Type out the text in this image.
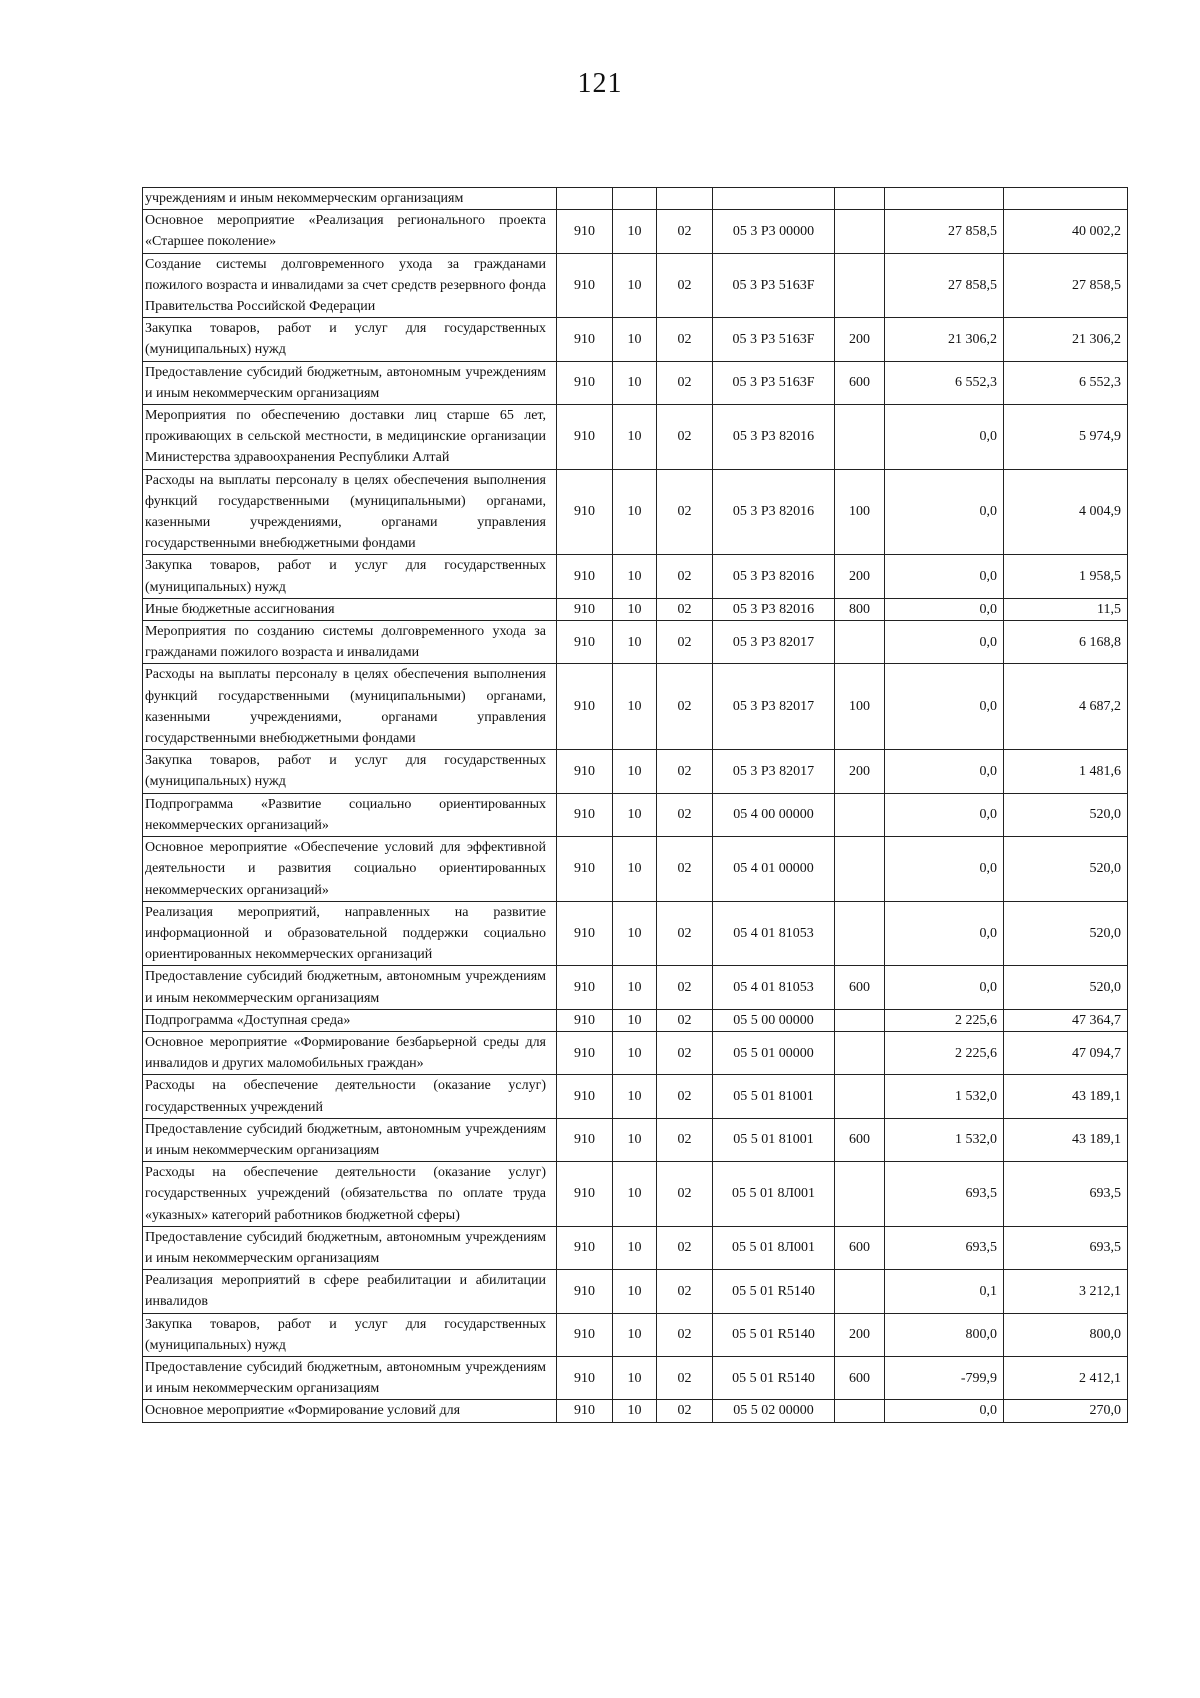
121
учреждениям и иным некоммерческим организациям							
Основное мероприятие «Реализация регионального проекта «Старшее поколение»	910	10	02	05 3 P3 00000		27 858,5	40 002,2
Создание системы долговременного ухода за гражданами пожилого возраста и инвалидами за счет средств резервного фонда Правительства Российской Федерации	910	10	02	05 3 P3 5163F		27 858,5	27 858,5
Закупка товаров, работ и услуг для государственных (муниципальных) нужд	910	10	02	05 3 P3 5163F	200	21 306,2	21 306,2
Предоставление субсидий бюджетным, автономным учреждениям и иным некоммерческим организациям	910	10	02	05 3 P3 5163F	600	6 552,3	6 552,3
Мероприятия по обеспечению доставки лиц старше 65 лет, проживающих в сельской местности, в медицинские организации Министерства здравоохранения Республики Алтай	910	10	02	05 3 P3 82016		0,0	5 974,9
Расходы на выплаты персоналу в целях обеспечения выполнения функций государственными (муниципальными) органами, казенными учреждениями, органами управления государственными внебюджетными фондами	910	10	02	05 3 P3 82016	100	0,0	4 004,9
Закупка товаров, работ и услуг для государственных (муниципальных) нужд	910	10	02	05 3 P3 82016	200	0,0	1 958,5
Иные бюджетные ассигнования	910	10	02	05 3 P3 82016	800	0,0	11,5
Мероприятия по созданию системы долговременного ухода за гражданами пожилого возраста и инвалидами	910	10	02	05 3 P3 82017		0,0	6 168,8
Расходы на выплаты персоналу в целях обеспечения выполнения функций государственными (муниципальными) органами, казенными учреждениями, органами управления государственными внебюджетными фондами	910	10	02	05 3 P3 82017	100	0,0	4 687,2
Закупка товаров, работ и услуг для государственных (муниципальных) нужд	910	10	02	05 3 P3 82017	200	0,0	1 481,6
Подпрограмма «Развитие социально ориентированных некоммерческих организаций»	910	10	02	05 4 00 00000		0,0	520,0
Основное мероприятие «Обеспечение условий для эффективной деятельности и развития социально ориентированных некоммерческих организаций»	910	10	02	05 4 01 00000		0,0	520,0
Реализация мероприятий, направленных на развитие информационной и образовательной поддержки социально ориентированных некоммерческих организаций	910	10	02	05 4 01 81053		0,0	520,0
Предоставление субсидий бюджетным, автономным учреждениям и иным некоммерческим организациям	910	10	02	05 4 01 81053	600	0,0	520,0
Подпрограмма «Доступная среда»	910	10	02	05 5 00 00000		2 225,6	47 364,7
Основное мероприятие «Формирование безбарьерной среды для инвалидов и других маломобильных граждан»	910	10	02	05 5 01 00000		2 225,6	47 094,7
Расходы на обеспечение деятельности (оказание услуг) государственных учреждений	910	10	02	05 5 01 81001		1 532,0	43 189,1
Предоставление субсидий бюджетным, автономным учреждениям и иным некоммерческим организациям	910	10	02	05 5 01 81001	600	1 532,0	43 189,1
Расходы на обеспечение деятельности (оказание услуг) государственных учреждений (обязательства по оплате труда «указных» категорий работников бюджетной сферы)	910	10	02	05 5 01 8Л001		693,5	693,5
Предоставление субсидий бюджетным, автономным учреждениям и иным некоммерческим организациям	910	10	02	05 5 01 8Л001	600	693,5	693,5
Реализация мероприятий в сфере реабилитации и абилитации инвалидов	910	10	02	05 5 01 R5140		0,1	3 212,1
Закупка товаров, работ и услуг для государственных (муниципальных) нужд	910	10	02	05 5 01 R5140	200	800,0	800,0
Предоставление субсидий бюджетным, автономным учреждениям и иным некоммерческим организациям	910	10	02	05 5 01 R5140	600	-799,9	2 412,1
Основное мероприятие «Формирование условий для	910	10	02	05 5 02 00000		0,0	270,0
